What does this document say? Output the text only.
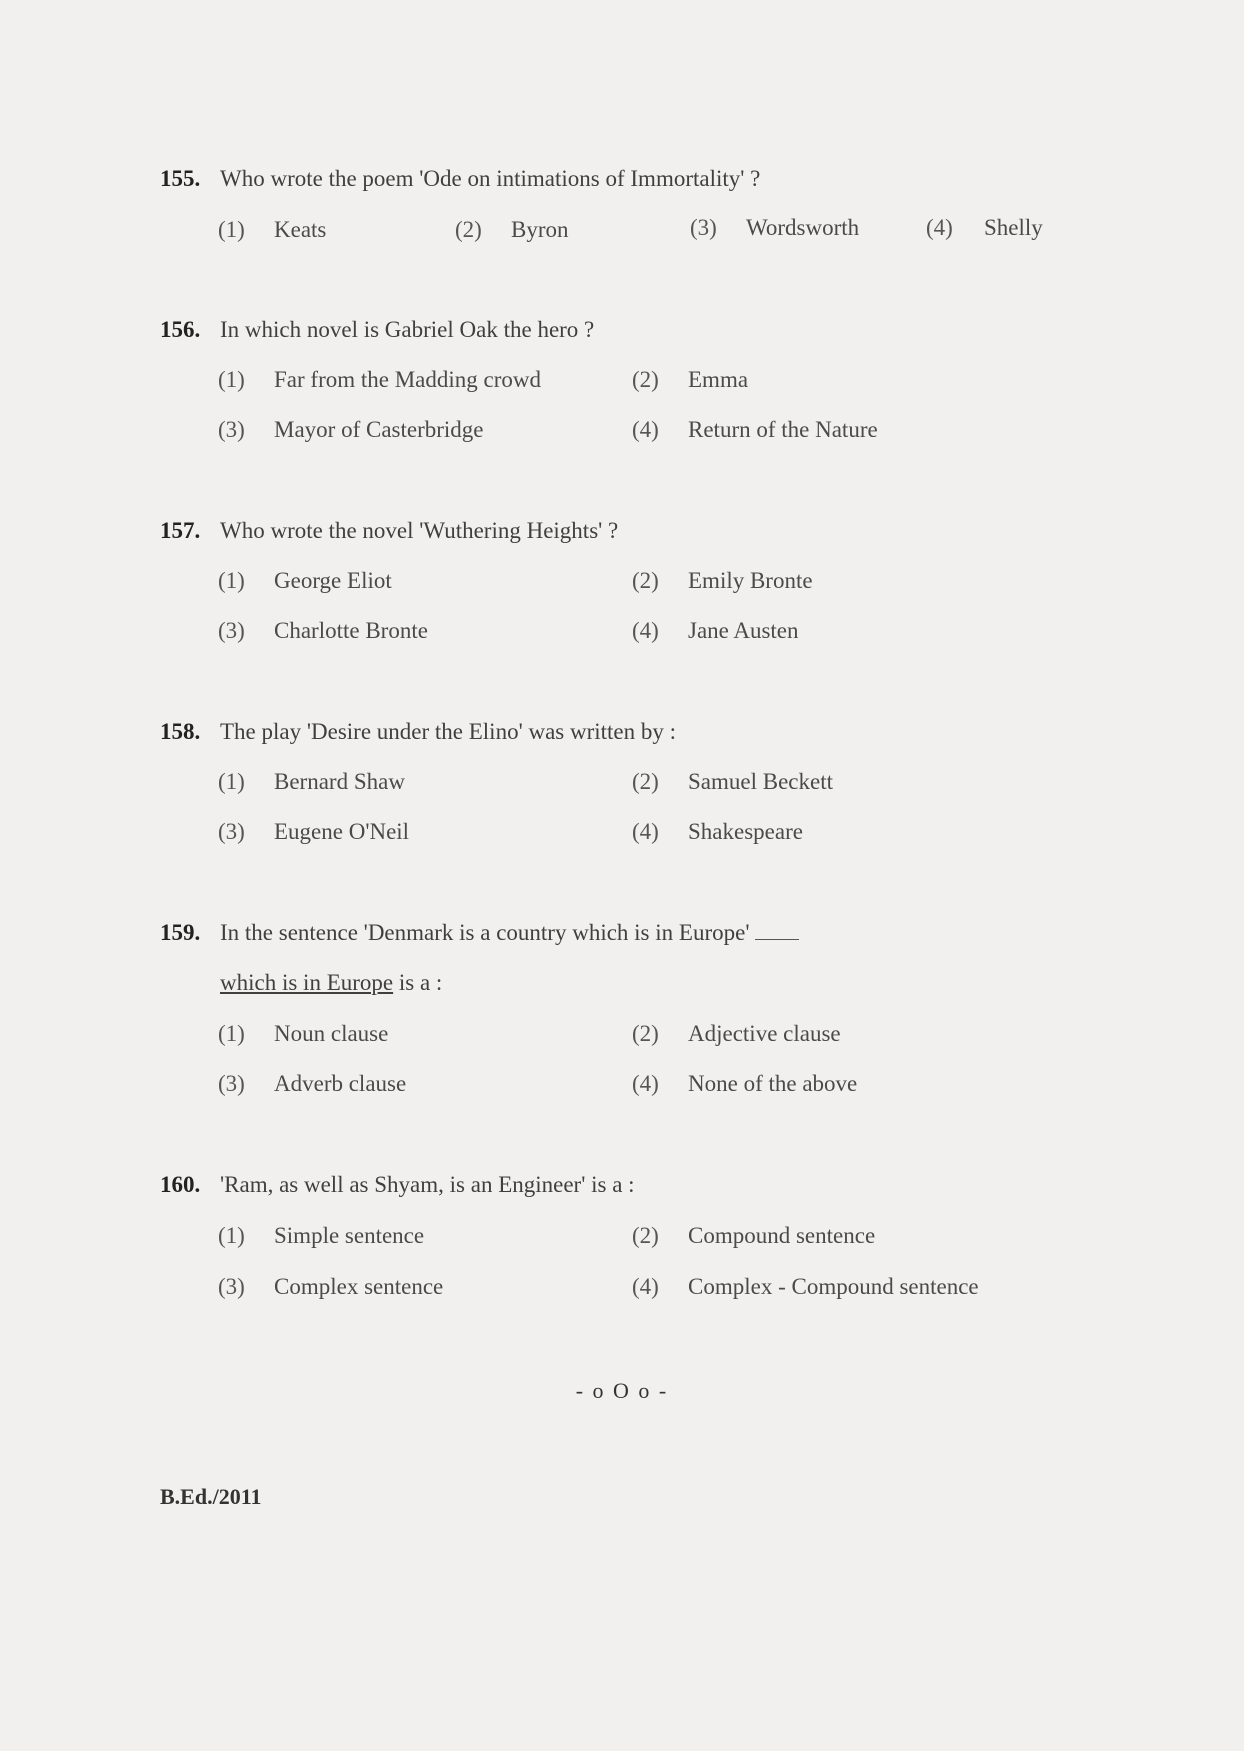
155. Who wrote the poem 'Ode on intimations of Immortality' ?
(1) Keats	(2) Byron	(3) Wordsworth	(4) Shelly
156. In which novel is Gabriel Oak the hero ?
(1) Far from the Madding crowd	(2) Emma
(3) Mayor of Casterbridge	(4) Return of the Nature
157. Who wrote the novel 'Wuthering Heights' ?
(1) George Eliot	(2) Emily Bronte
(3) Charlotte Bronte	(4) Jane Austen
158. The play 'Desire under the Elino' was written by :
(1) Bernard Shaw	(2) Samuel Beckett
(3) Eugene O'Neil	(4) Shakespeare
159. In the sentence 'Denmark is a country which is in Europe'
which is in Europe is a :
(1) Noun clause	(2) Adjective clause
(3) Adverb clause	(4) None of the above
160. 'Ram, as well as Shyam, is an Engineer' is a :
(1) Simple sentence	(2) Compound sentence
(3) Complex sentence	(4) Complex - Compound sentence
- o O o -
B.Ed./2011
